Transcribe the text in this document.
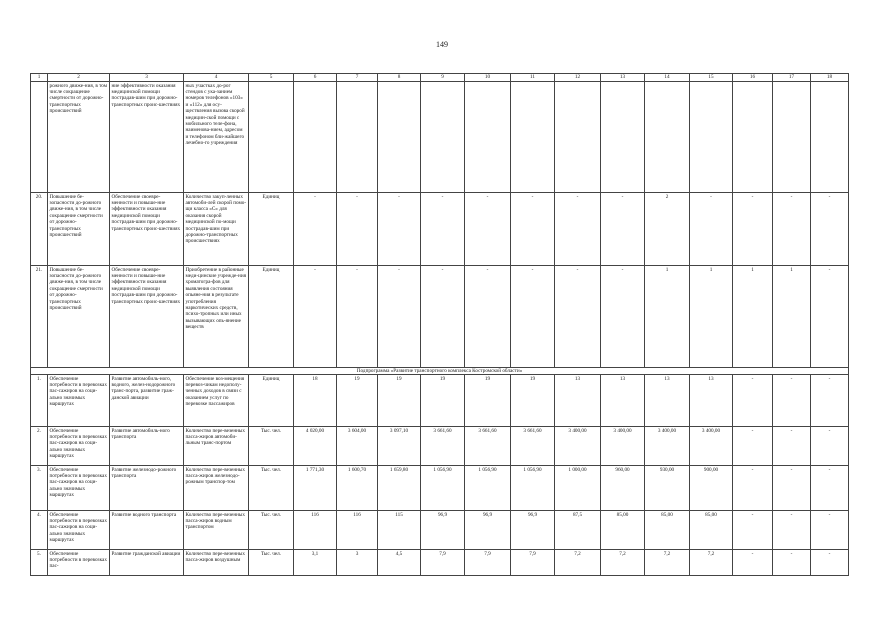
149
1	2	3	4	5	6	7	8	9	10	11	12	13	14	15	16	17	18
	рожного движе-ния, в том числе сокращение смертности от дорожно-транспортных происшествий	ние эффективности оказания медицинской помощи пострадав-шим при дорожно-транспортных проис-шествиях	ных участках до-рог стендов с ука-занием номеров телефонов «103» и «112» для осу-ществления вызова скорой медицин-ской помощи с мобильного теле-фона, наименова-нием, адресом и телефоном бли-жайшего лечебно-го учреждения														
20.	Повышение бе-зопасности до-рожного движе-ния, в том числе сокращение смертности от дорожно-транспортных происшествий	Обеспечение своевре-менности и повыше-ние эффективности оказания медицинской помощи пострадав-шим при дорожно-транспортных проис-шествиях	Количество закуп-ленных автомоби-лей скорой помо-щи класса «С» для оказания скорой медицинской по-мощи пострадав-шим при дорожно-транспортных происшествиях	Единиц	-	-	-	-	-	-	-	-	2	-	-	-	-
21.	Повышение бе-зопасности до-рожного движе-ния, в том числе сокращение смертности от дорожно-транспортных происшествий	Обеспечение своевре-менности и повыше-ние эффективности оказания медицинской помощи пострадав-шим при дорожно-транспортных проис-шествиях	Приобретение в районные меди-цинские учрежде-ния хроматогра-фов для выявления состояния опьяне-ния в результате употребления наркотических средств, психо-тропных или иных вызывающих опь-янение веществ	Единиц	-	-	-	-	-	-	-	-	1	1	1	1	-
Подпрограмма «Развитие транспортного комплекса Костромской области»																	
1.	Обеспечение потребности в перевозках пас-сажиров на соци-ально значимых маршрутах	Развитие автомобиль-ного, водного, желез-нодорожного транс-порта, развитие граж-данской авиации	Обеспечение воз-мещения перевоз-чикам недополу-ченных доходов в связи с оказанием услуг по перевозке пассажиров	Единиц	18	19	19	19	19	19	13	13	13	13	-	-	-
2.	Обеспечение потребности в перевозках пас-сажиров на соци-ально значимых маршрутах	Развитие автомобиль-ного транспорта	Количество пере-везенных пасса-жиров автомоби-льным транс-портом	Тыс. чел.	4 020,00	3 604,00	3 097,10	3 661,60	3 661,60	3 661,60	3 400,00	3 400,00	3 400,00	3 400,00	-	-	-
3.	Обеспечение потребности в перевозках пас-сажиров на соци-ально значимых маршрутах	Развитие железнодо-рожного транспорта	Количество пере-везенных пасса-жиров железнодо-рожным транспор-том	Тыс. чел.	1 771,30	1 600,70	1 659,80	1 056,90	1 056,90	1 056,90	1 000,00	960,00	930,00	900,00	-	-	-
4.	Обеспечение потребности в перевозках пас-сажиров на соци-ально значимых маршрутах	Развитие водного транспорта	Количество пере-везенных пасса-жиров водным транспортом	Тыс. чел.	116	116	115	96,9	96,9	96,9	87,5	85,00	85,00	85,00	-	-	-
5.	Обеспечение потребности в перевозках пас-	Развитие гражданской авиации	Количество пере-везенных пасса-жиров воздушным	Тыс. чел.	3,1	3	4,5	7,9	7,9	7,9	7,2	7,2	7,2	7,2	-	-	-
